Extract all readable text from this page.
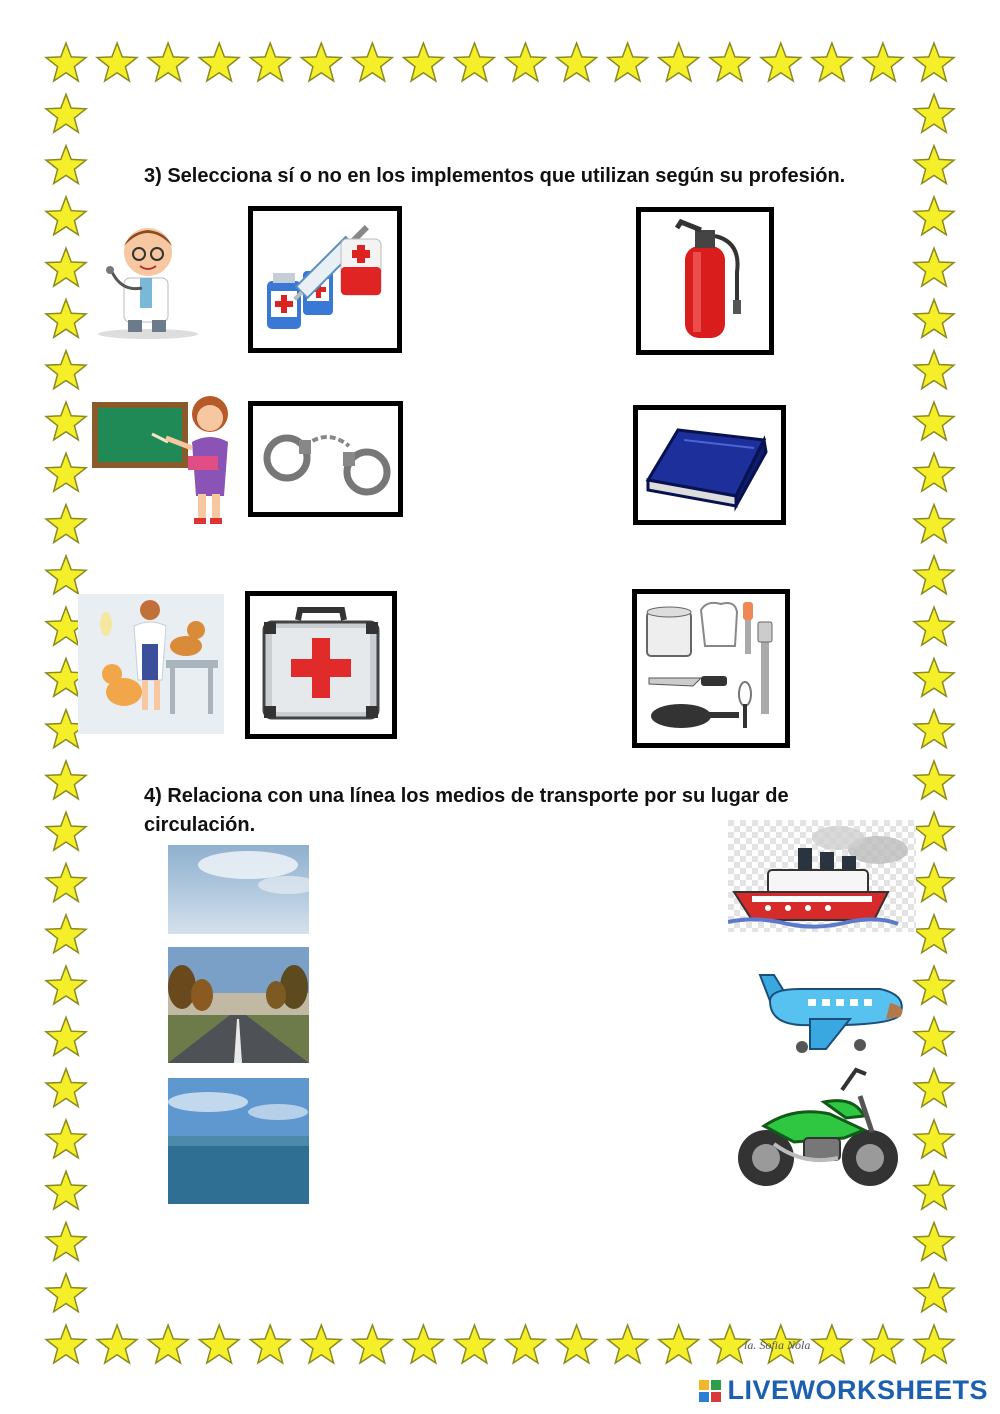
3) Selecciona sí o no en los implementos que utilizan según su profesión.
4) Relaciona con una línea los medios de transporte por su lugar de
circulación.
la. Sofia Nola
LIVEWORKSHEETS
